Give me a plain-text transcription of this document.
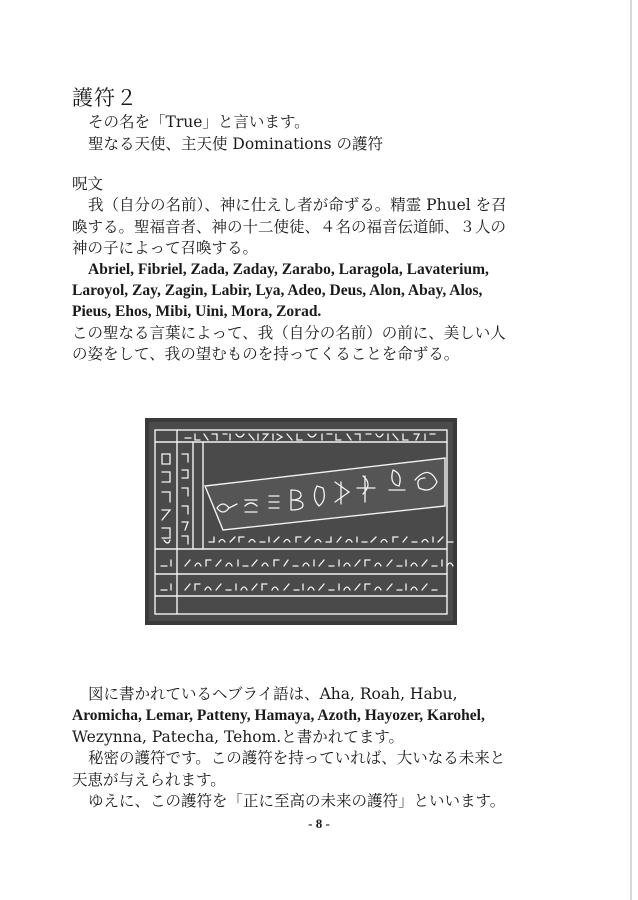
護符２
その名を「True」と言います。
聖なる天使、主天使 Dominations の護符
呪文
我（自分の名前）、神に仕えし者が命ずる。精霊 Phuel を召
喚する。聖福音者、神の十二使徒、４名の福音伝道師、３人の
神の子によって召喚する。
Abriel, Fibriel, Zada, Zaday, Zarabo, Laragola, Lavaterium,
Laroyol, Zay, Zagin, Labir, Lya, Adeo, Deus, Alon, Abay, Alos,
Pieus, Ehos, Mibi, Uini, Mora, Zorad.
この聖なる言葉によって、我（自分の名前）の前に、美しい人
の姿をして、我の望むものを持ってくることを命ずる。
図に書かれているヘブライ語は、Aha, Roah, Habu,
Aromicha, Lemar, Patteny, Hamaya, Azoth, Hayozer, Karohel,
Wezynna, Patecha, Tehom.と書かれてます。
秘密の護符です。この護符を持っていれば、大いなる未来と
天恵が与えられます。
ゆえに、この護符を「正に至高の未来の護符」といいます。
- 8 -
